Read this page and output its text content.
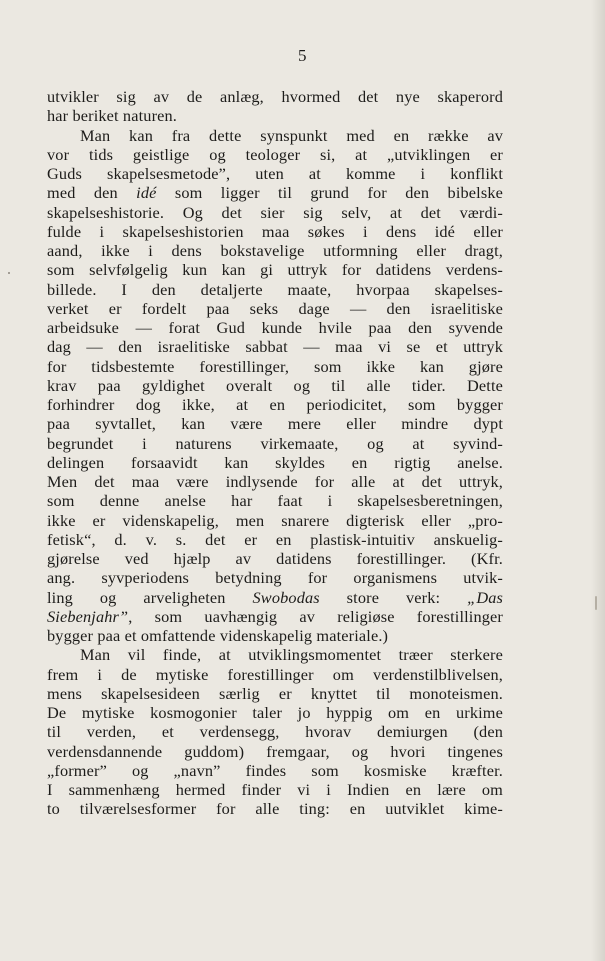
5
utvikler sig av de anlæg, hvormed det nye skaperord
har beriket naturen.
Man kan fra dette synspunkt med en række av
vor tids geistlige og teologer si, at „utviklingen er
Guds skapelsesmetode”, uten at komme i konflikt
med den idé som ligger til grund for den bibelske
skapelseshistorie. Og det sier sig selv, at det værdi-
fulde i skapelseshistorien maa søkes i dens idé eller
aand, ikke i dens bokstavelige utformning eller dragt,
som selvfølgelig kun kan gi uttryk for datidens verdens-
billede. I den detaljerte maate, hvorpaa skapelses-
verket er fordelt paa seks dage — den israelitiske
arbeidsuke — forat Gud kunde hvile paa den syvende
dag — den israelitiske sabbat — maa vi se et uttryk
for tidsbestemte forestillinger, som ikke kan gjøre
krav paa gyldighet overalt og til alle tider. Dette
forhindrer dog ikke, at en periodicitet, som bygger
paa syvtallet, kan være mere eller mindre dypt
begrundet i naturens virkemaate, og at syvind-
delingen forsaavidt kan skyldes en rigtig anelse.
Men det maa være indlysende for alle at det uttryk,
som denne anelse har faat i skapelsesberetningen,
ikke er videnskapelig, men snarere digterisk eller „pro-
fetisk“, d. v. s. det er en plastisk-intuitiv anskuelig-
gjørelse ved hjælp av datidens forestillinger. (Kfr.
ang. syvperiodens betydning for organismens utvik-
ling og arveligheten Swobodas store verk: „Das
Siebenjahr”, som uavhængig av religiøse forestillinger
bygger paa et omfattende videnskapelig materiale.)
Man vil finde, at utviklingsmomentet træer sterkere
frem i de mytiske forestillinger om verdenstilblivelsen,
mens skapelsesideen særlig er knyttet til monoteismen.
De mytiske kosmogonier taler jo hyppig om en urkime
til verden, et verdensegg, hvorav demiurgen (den
verdensdannende guddom) fremgaar, og hvori tingenes
„former” og „navn” findes som kosmiske kræfter.
I sammenhæng hermed finder vi i Indien en lære om
to tilværelsesformer for alle ting: en uutviklet kime-
